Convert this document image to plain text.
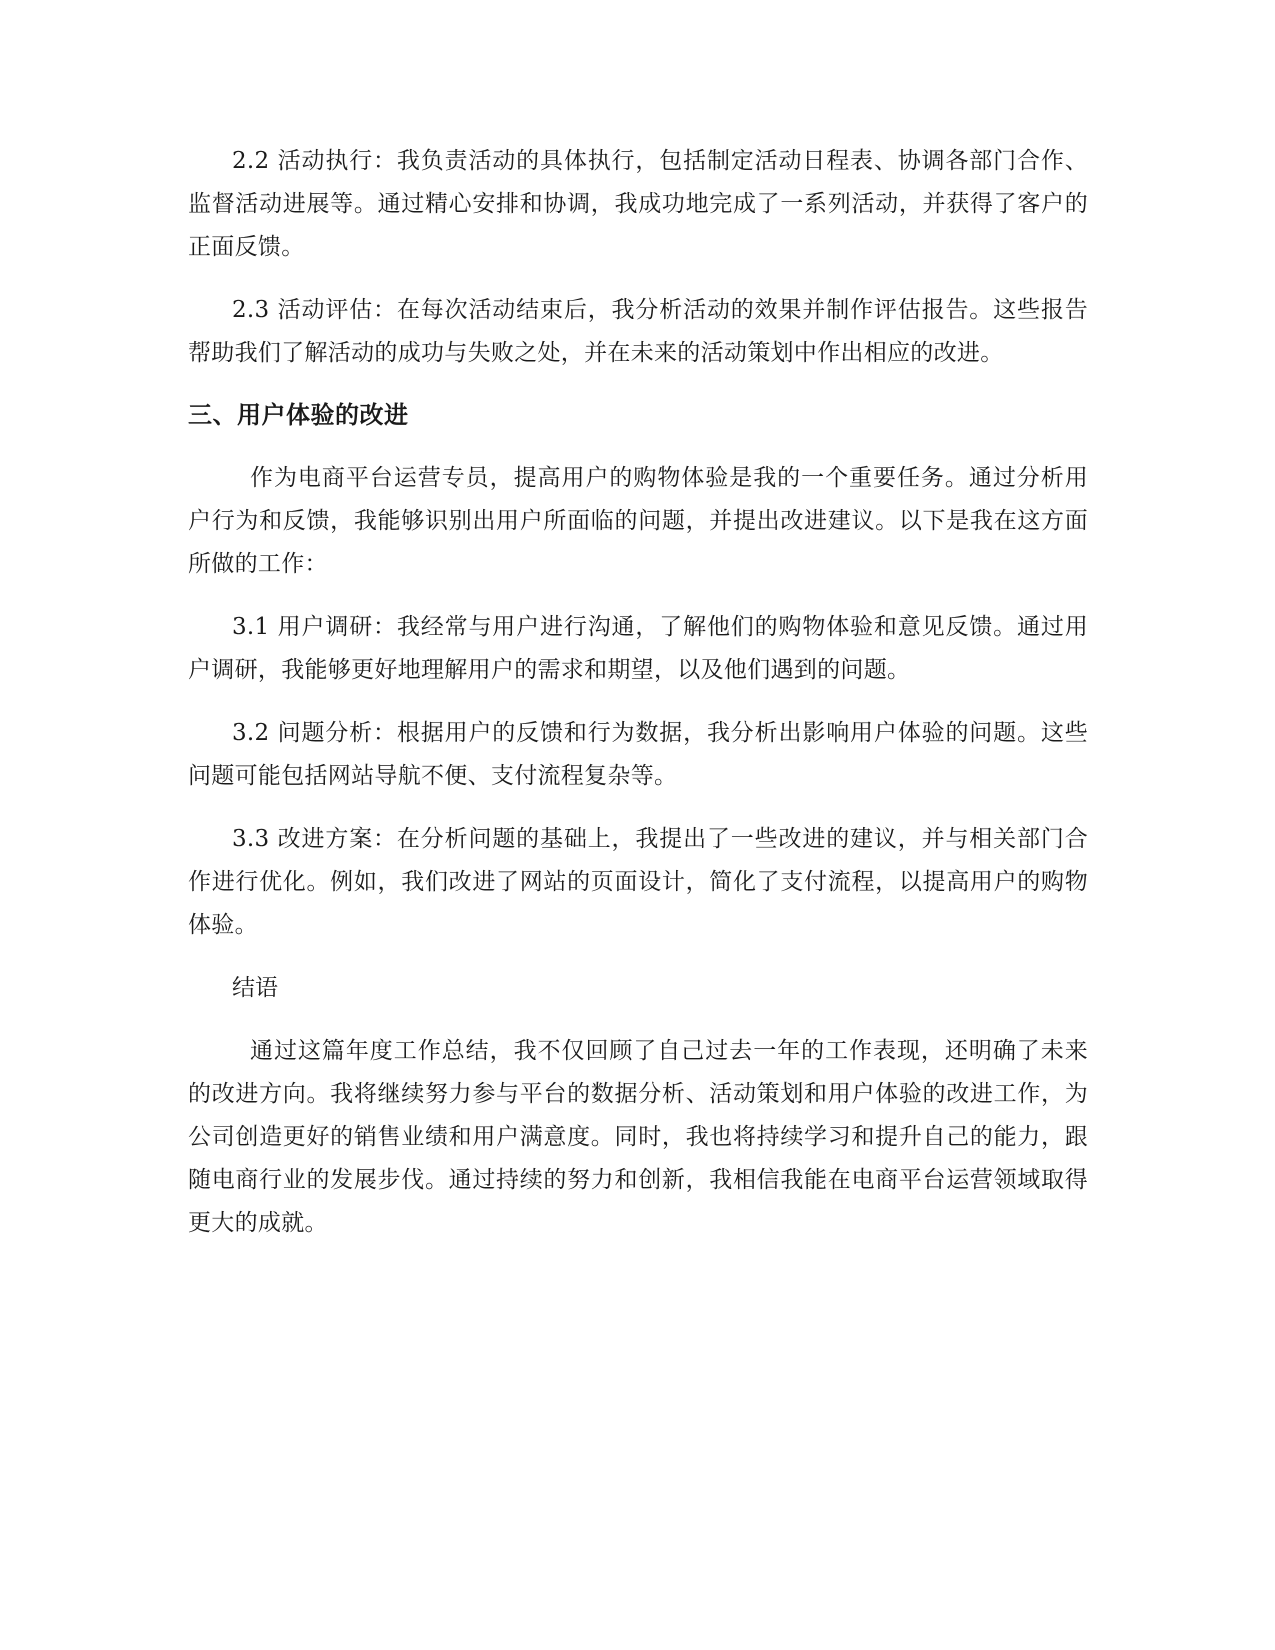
2.2 活动执行：我负责活动的具体执行，包括制定活动日程表、协调各部门合作、监督活动进展等。通过精心安排和协调，我成功地完成了一系列活动，并获得了客户的正面反馈。

2.3 活动评估：在每次活动结束后，我分析活动的效果并制作评估报告。这些报告帮助我们了解活动的成功与失败之处，并在未来的活动策划中作出相应的改进。

三、用户体验的改进

作为电商平台运营专员，提高用户的购物体验是我的一个重要任务。通过分析用户行为和反馈，我能够识别出用户所面临的问题，并提出改进建议。以下是我在这方面所做的工作：

3.1 用户调研：我经常与用户进行沟通，了解他们的购物体验和意见反馈。通过用户调研，我能够更好地理解用户的需求和期望，以及他们遇到的问题。

3.2 问题分析：根据用户的反馈和行为数据，我分析出影响用户体验的问题。这些问题可能包括网站导航不便、支付流程复杂等。

3.3 改进方案：在分析问题的基础上，我提出了一些改进的建议，并与相关部门合作进行优化。例如，我们改进了网站的页面设计，简化了支付流程，以提高用户的购物体验。

结语

通过这篇年度工作总结，我不仅回顾了自己过去一年的工作表现，还明确了未来的改进方向。我将继续努力参与平台的数据分析、活动策划和用户体验的改进工作，为公司创造更好的销售业绩和用户满意度。同时，我也将持续学习和提升自己的能力，跟随电商行业的发展步伐。通过持续的努力和创新，我相信我能在电商平台运营领域取得更大的成就。
